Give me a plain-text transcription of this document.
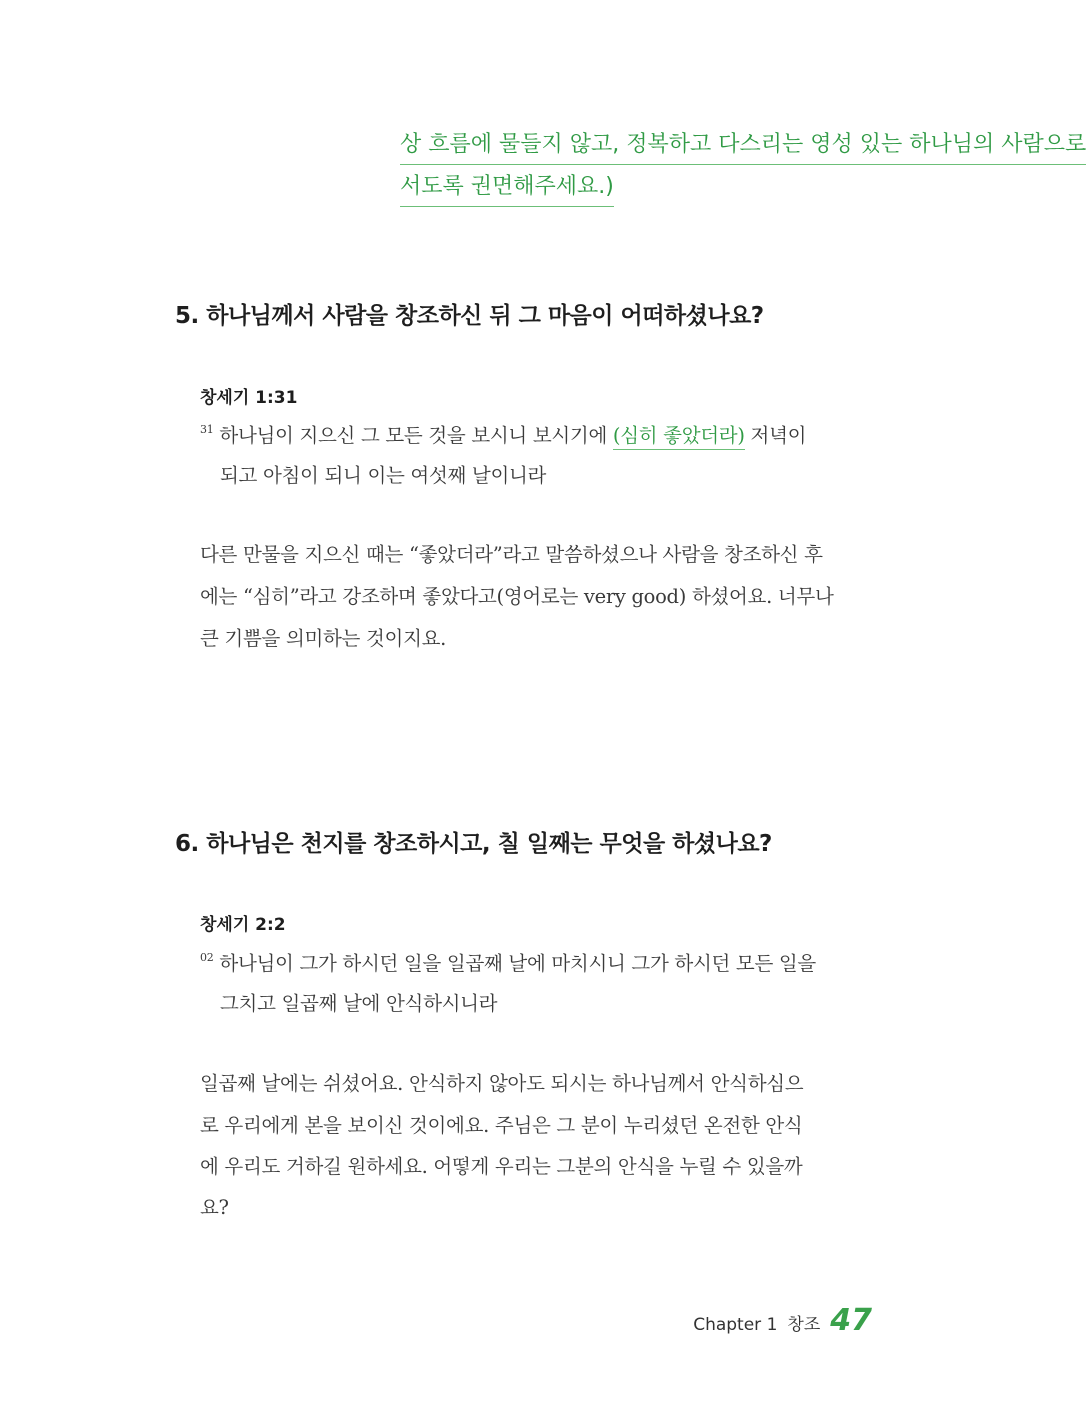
상 흐름에 물들지 않고, 정복하고 다스리는 영성 있는 하나님의 사람으로
서도록 권면해주세요.)
5. 하나님께서 사람을 창조하신 뒤 그 마음이 어떠하셨나요?
창세기 1:31
$^{31}$ 하나님이 지으신 그 모든 것을 보시니 보시기에 (심히 좋았더라) 저녁이
되고 아침이 되니 이는 여섯째 날이니라
다른 만물을 지으신 때는 “좋았더라”라고 말씀하셨으나 사람을 창조하신 후
에는 “심히”라고 강조하며 좋았다고(영어로는 very good) 하셨어요. 너무나
큰 기쁨을 의미하는 것이지요.
6. 하나님은 천지를 창조하시고, 칠 일째는 무엇을 하셨나요?
창세기 2:2
$^{02}$ 하나님이 그가 하시던 일을 일곱째 날에 마치시니 그가 하시던 모든 일을
그치고 일곱째 날에 안식하시니라
일곱째 날에는 쉬셨어요. 안식하지 않아도 되시는 하나님께서 안식하심으
로 우리에게 본을 보이신 것이에요. 주님은 그 분이 누리셨던 온전한 안식
에 우리도 거하길 원하세요. 어떻게 우리는 그분의 안식을 누릴 수 있을까
요?
Chapter 1 창조 47
